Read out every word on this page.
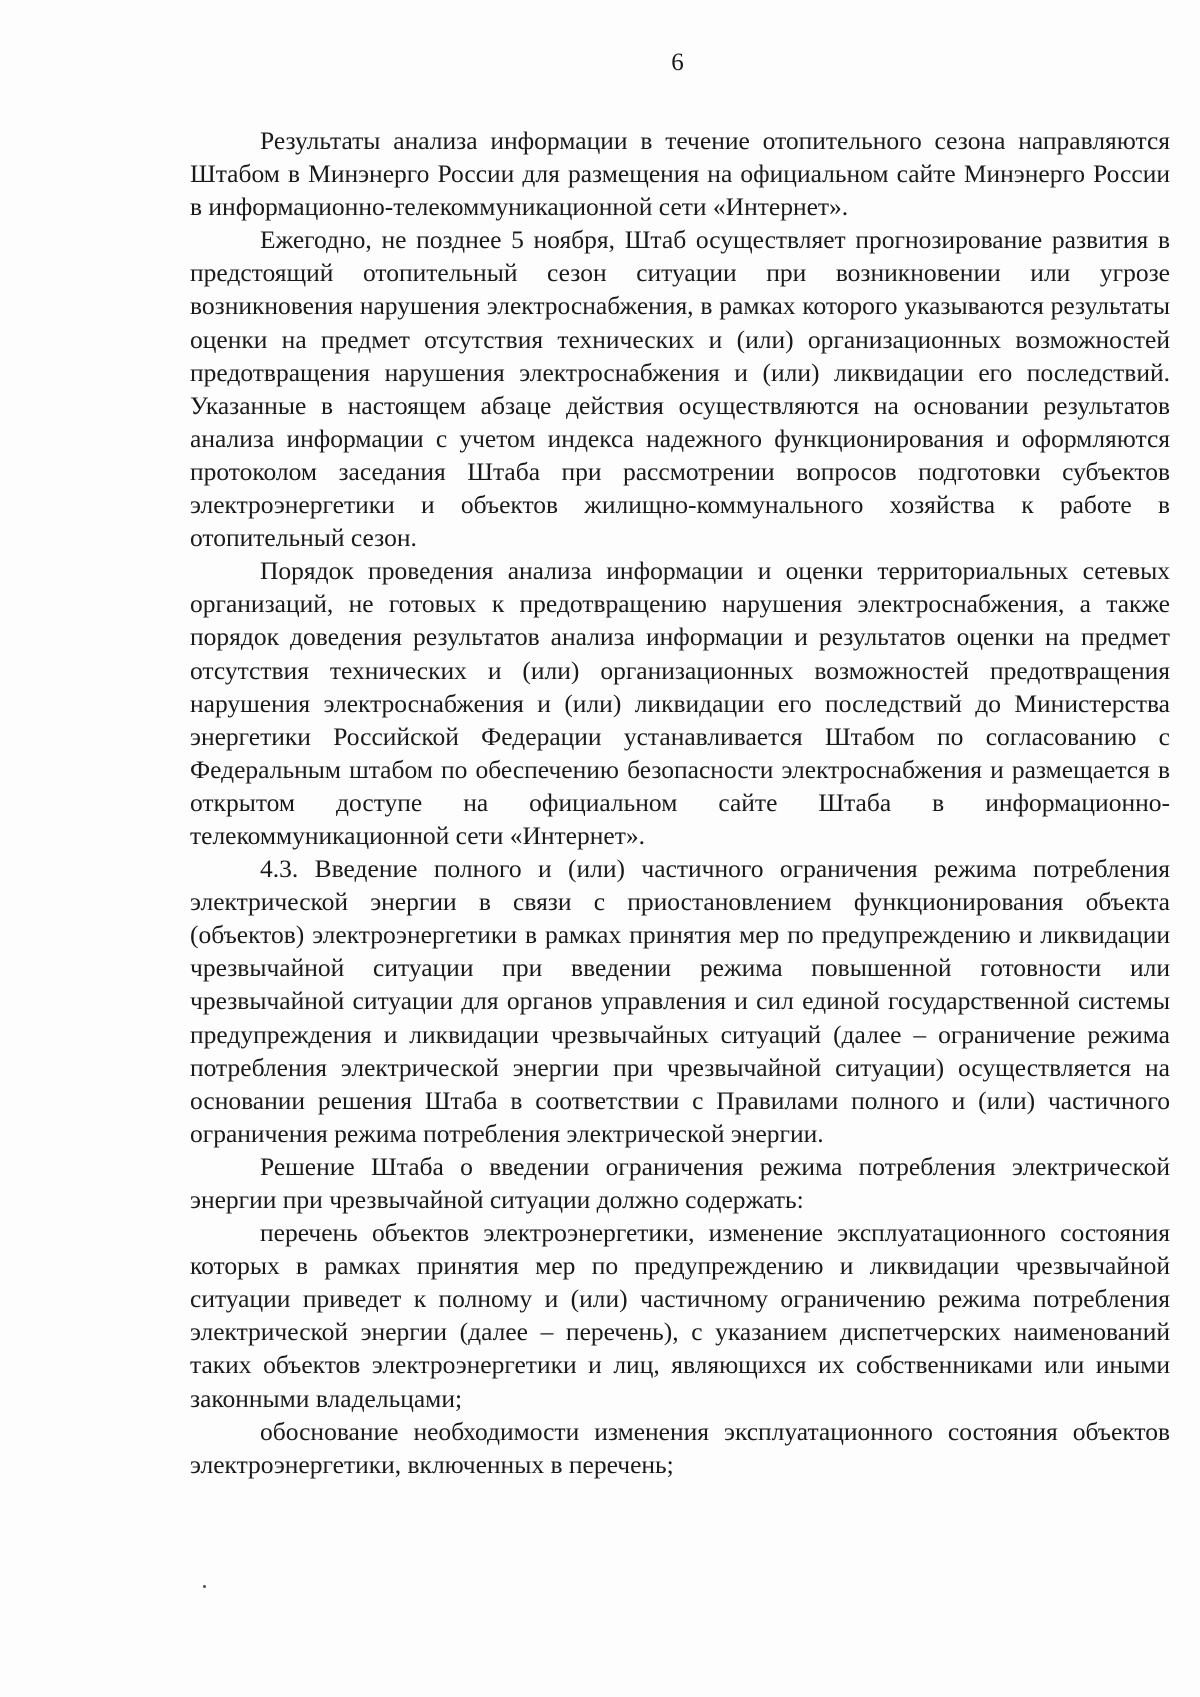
6

Результаты анализа информации в течение отопительного сезона направляются Штабом в Минэнерго России для размещения на официальном сайте Минэнерго России в информационно-телекоммуникационной сети «Интернет».

Ежегодно, не позднее 5 ноября, Штаб осуществляет прогнозирование развития в предстоящий отопительный сезон ситуации при возникновении или угрозе возникновения нарушения электроснабжения, в рамках которого указываются результаты оценки на предмет отсутствия технических и (или) организационных возможностей предотвращения нарушения электроснабжения и (или) ликвидации его последствий. Указанные в настоящем абзаце действия осуществляются на основании результатов анализа информации с учетом индекса надежного функционирования и оформляются протоколом заседания Штаба при рассмотрении вопросов подготовки субъектов электроэнергетики и объектов жилищно-коммунального хозяйства к работе в отопительный сезон.

Порядок проведения анализа информации и оценки территориальных сетевых организаций, не готовых к предотвращению нарушения электроснабжения, а также порядок доведения результатов анализа информации и результатов оценки на предмет отсутствия технических и (или) организационных возможностей предотвращения нарушения электроснабжения и (или) ликвидации его последствий до Министерства энергетики Российской Федерации устанавливается Штабом по согласованию с Федеральным штабом по обеспечению безопасности электроснабжения и размещается в открытом доступе на официальном сайте Штаба в информационно-телекоммуникационной сети «Интернет».

4.3. Введение полного и (или) частичного ограничения режима потребления электрической энергии в связи с приостановлением функционирования объекта (объектов) электроэнергетики в рамках принятия мер по предупреждению и ликвидации чрезвычайной ситуации при введении режима повышенной готовности или чрезвычайной ситуации для органов управления и сил единой государственной системы предупреждения и ликвидации чрезвычайных ситуаций (далее – ограничение режима потребления электрической энергии при чрезвычайной ситуации) осуществляется на основании решения Штаба в соответствии с Правилами полного и (или) частичного ограничения режима потребления электрической энергии.

Решение Штаба о введении ограничения режима потребления электрической энергии при чрезвычайной ситуации должно содержать:

перечень объектов электроэнергетики, изменение эксплуатационного состояния которых в рамках принятия мер по предупреждению и ликвидации чрезвычайной ситуации приведет к полному и (или) частичному ограничению режима потребления электрической энергии (далее – перечень), с указанием диспетчерских наименований таких объектов электроэнергетики и лиц, являющихся их собственниками или иными законными владельцами;

обоснование необходимости изменения эксплуатационного состояния объектов электроэнергетики, включенных в перечень;
